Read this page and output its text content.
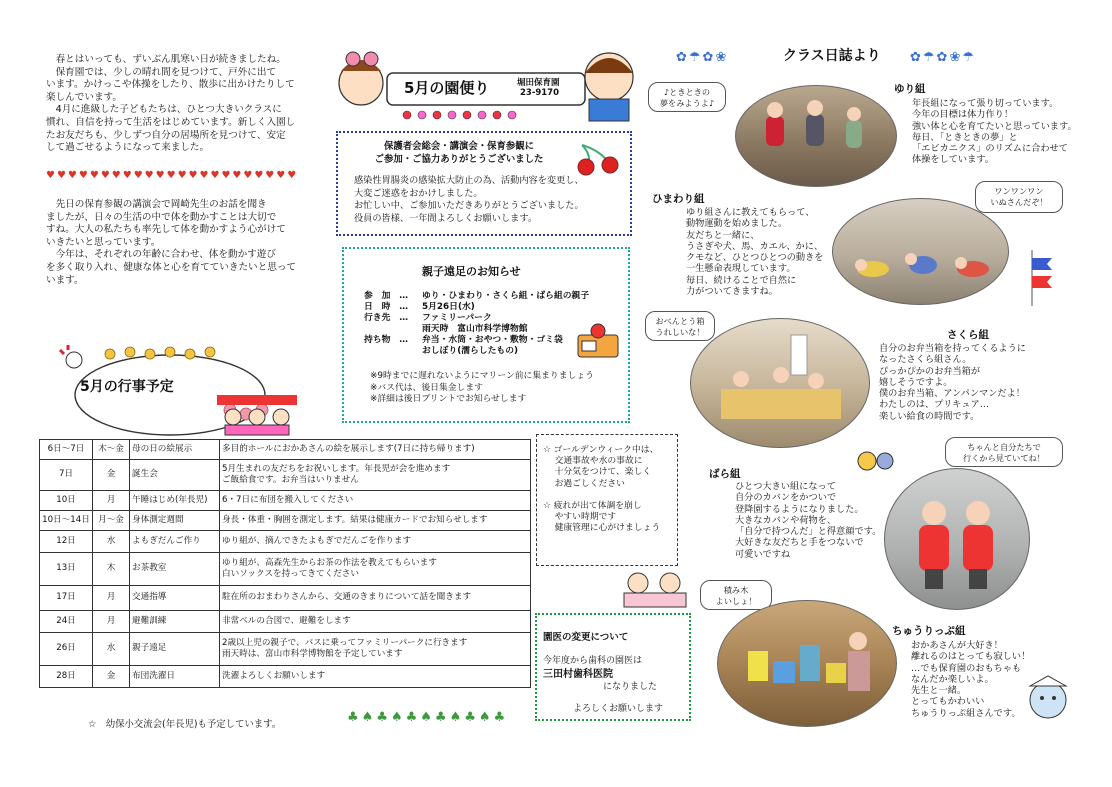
　春とはいっても、ずいぶん肌寒い日が続きましたね。
　保育園では、少しの晴れ間を見つけて、戸外に出て
います。かけっこや体操をしたり、散歩に出かけたりして
楽しんでいます。
　4月に進級した子どもたちは、ひとつ大きいクラスに
慣れ、自信を持って生活をはじめています。新しく入園し
たお友だちも、少しずつ自分の居場所を見つけて、安定
して過ごせるようになって来ました。

♥♥♥♥♥♥♥♥♥♥♥♥♥♥♥♥♥♥♥♥♥♥♥

　先日の保育参観の講演会で岡崎先生のお話を聞き
ましたが、日々の生活の中で体を動かすことは大切で
すね。大人の私たちも率先して体を動かすよう心がけて
いきたいと思っています。
　今年は、それぞれの年齢に合わせ、体を動かす遊び
を多く取り入れ、健康な体と心を育てていきたいと思って
います。

5月の行事予定
6日～7日	木～金	母の日の絵展示	多目的ホールにおかあさんの絵を展示します(7日に持ち帰ります)
7日	金	誕生会	5月生まれの友だちをお祝いします。年長児が会を進めます
ご飯給食です。お弁当はいりません
10日	月	午睡はじめ(年長児)	6・7日に布団を搬入してください
10日～14日	月～金	身体測定週間	身長・体重・胸囲を測定します。結果は健康カードでお知らせします
12日	水	よもぎだんご作り	ゆり組が、摘んできたよもぎでだんごを作ります
13日	木	お茶教室	ゆり組が、高森先生からお茶の作法を教えてもらいます
白いソックスを持ってきてください
17日	月	交通指導	駐在所のおまわりさんから、交通のきまりについて話を聞きます
24日	月	避難訓練	非常ベルの合図で、避難をします
26日	水	親子遠足	2歳以上児の親子で、バスに乗ってファミリーパークに行きます
雨天時は、富山市科学博物館を予定しています
28日	金	布団洗濯日	洗濯よろしくお願いします
☆　幼保小交流会(年長児)も予定しています。
5月の園便り	堀田保育園
23-9170

保護者会総会・講演会・保育参観に
ご参加・ご協力ありがとうございました

感染性胃腸炎の感染拡大防止の為、活動内容を変更し、
大変ご迷惑をおかけしました。
お忙しい中、ご参加いただきありがとうございました。
役員の皆様、一年間よろしくお願いします。

親子遠足のお知らせ
参　加　…	ゆり・ひまわり・さくら組・ばら組の親子
日　時　…	5月26日(水)
行き先　…	ファミリーパーク
雨天時　富山市科学博物館
持ち物　…	弁当・水筒・おやつ・敷物・ゴミ袋
おしぼり(濡らしたもの)

※9時までに遅れないようにマリーン前に集まりましょう
※バス代は、後日集金します
※詳細は後日プリントでお知らせします

☆ ゴールデンウィーク中は、
　 交通事故や水の事故に
　 十分気をつけて、楽しく
　 お過ごしください

☆ 疲れが出て体調を崩し
　 やすい時期です
　 健康管理に心がけましょう

園医の変更について
今年度から歯科の園医は
三田村歯科医院
になりました
よろしくお願いします
♣♠♣♠♣♠♣♠♣♠♣
✿☂✿❀	クラス日誌より ✿☂✿❀☂
♪ときときの
夢をみようよ♪
ゆり組

年長組になって張り切っています。
今年の目標は体力作り！
強い体と心を育てたいと思っています。
毎日、「ときときの夢」と
「エビカニクス」のリズムに合わせて
体操をしています。

ひまわり組

ゆり組さんに教えてもらって、
動物運動を始めました。
友だちと一緒に、
うさぎや犬、馬、カエル、かに、
クモなど、ひとつひとつの動きを
一生懸命表現しています。
毎日、続けることで自然に
力がついてきますね。

ワンワンワン
いぬさんだぞ！
おべんとう箱
うれしいな！	さくら組

自分のお弁当箱を持ってくるように
なったさくら組さん。
ぴっかぴかのお弁当箱が
嬉しそうですよ。
僕のお弁当箱、アンパンマンだよ！
わたしのは、プリキュア…
楽しい給食の時間です。

ちゃんと自分たちで
行くから見ていてね！
ばら組

ひとつ大きい組になって
自分のカバンをかついで
登降園するようになりました。
大きなカバンや荷物を、
「自分で持つんだ」と得意顔です。
大好きな友だちと手をつないで
可愛いですね

積み木
よいしょ！
ちゅうりっぷ組

おかあさんが大好き！
離れるのはとっても寂しい！
…でも保育園のおもちゃも
なんだか楽しいよ。
先生と一緒。
とってもかわいい
ちゅうりっぷ組さんです。
